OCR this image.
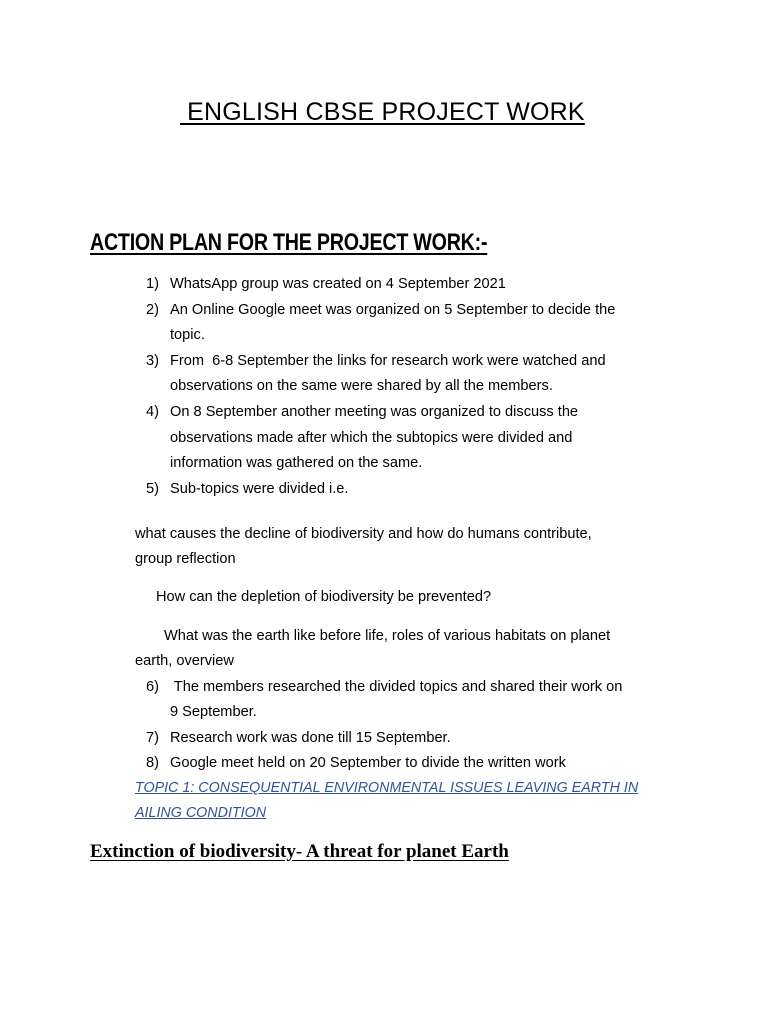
ENGLISH CBSE PROJECT WORK
ACTION PLAN FOR THE PROJECT WORK:-
1) WhatsApp group was created on 4 September 2021
2) An Online Google meet was organized on 5 September to decide the
topic.
3) From  6-8 September the links for research work were watched and
observations on the same were shared by all the members.
4) On 8 September another meeting was organized to discuss the
observations made after which the subtopics were divided and
information was gathered on the same.
5) Sub-topics were divided i.e.
what causes the decline of biodiversity and how do humans contribute,
group reflection
How can the depletion of biodiversity be prevented?
What was the earth like before life, roles of various habitats on planet
earth, overview
6) The members researched the divided topics and shared their work on
9 September.
7) Research work was done till 15 September.
8) Google meet held on 20 September to divide the written work
TOPIC 1: CONSEQUENTIAL ENVIRONMENTAL ISSUES LEAVING EARTH IN
AILING CONDITION
Extinction of biodiversity- A threat for planet Earth
